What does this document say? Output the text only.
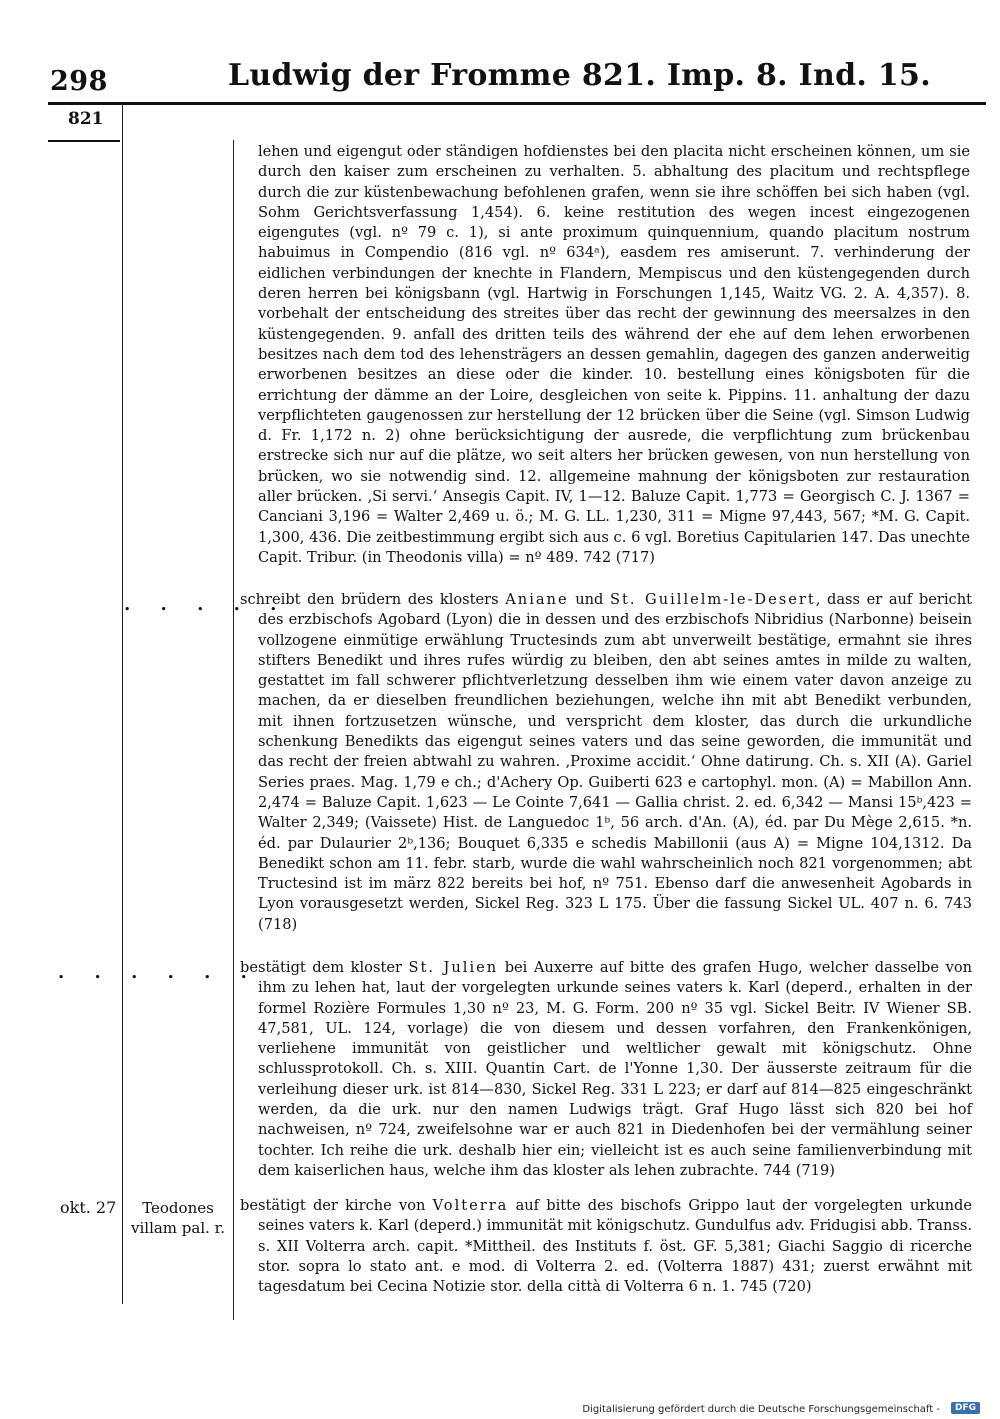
298	Ludwig der Fromme 821. Imp. 8. Ind. 15.
821
lehen und eigengut oder ständigen hofdienstes bei den placita nicht erscheinen können, um sie durch den kaiser zum erscheinen zu verhalten. 5. abhaltung des placitum und rechtspflege durch die zur küstenbewachung befohlenen grafen, wenn sie ihre schöffen bei sich haben (vgl. Sohm Gerichtsverfassung 1,454). 6. keine restitution des wegen incest eingezogenen eigengutes (vgl. nº 79 c. 1), si ante proximum quinquennium, quando placitum nostrum habuimus in Compendio (816 vgl. nº 634ᵃ), easdem res amiserunt. 7. verhinderung der eidlichen verbindungen der knechte in Flandern, Mempiscus und den küstengegenden durch deren herren bei königsbann (vgl. Hartwig in Forschungen 1,145, Waitz VG. 2. A. 4,357). 8. vorbehalt der entscheidung des streites über das recht der gewinnung des meersalzes in den küstengegenden. 9. anfall des dritten teils des während der ehe auf dem lehen erworbenen besitzes nach dem tod des lehensträgers an dessen gemahlin, dagegen des ganzen anderweitig erworbenen besitzes an diese oder die kinder. 10. bestellung eines königsboten für die errichtung der dämme an der Loire, desgleichen von seite k. Pippins. 11. anhaltung der dazu verpflichteten gaugenossen zur herstellung der 12 brücken über die Seine (vgl. Simson Ludwig d. Fr. 1,172 n. 2) ohne berücksichtigung der ausrede, die verpflichtung zum brückenbau erstrecke sich nur auf die plätze, wo seit alters her brücken gewesen, von nun herstellung von brücken, wo sie notwendig sind. 12. allgemeine mahnung der königsboten zur restauration aller brücken. ‚Si servi.‘ Ansegis Capit. IV, 1—12. Baluze Capit. 1,773 = Georgisch C. J. 1367 = Canciani 3,196 = Walter 2,469 u. ö.; M. G. LL. 1,230, 311 = Migne 97,443, 567; *M. G. Capit. 1,300, 436. Die zeitbestimmung ergibt sich aus c. 6 vgl. Boretius Capitularien 147. Das unechte Capit. Tribur. (in Theodonis villa) = nº 489. 742 (717)
. . . . .
schreibt den brüdern des klosters Aniane und St. Guillelm-le-Desert, dass er auf bericht des erzbischofs Agobard (Lyon) die in dessen und des erzbischofs Nibridius (Narbonne) beisein vollzogene einmütige erwählung Tructesinds zum abt unverweilt bestätige, ermahnt sie ihres stifters Benedikt und ihres rufes würdig zu bleiben, den abt seines amtes in milde zu walten, gestattet im fall schwerer pflichtverletzung desselben ihm wie einem vater davon anzeige zu machen, da er dieselben freundlichen beziehungen, welche ihn mit abt Benedikt verbunden, mit ihnen fortzusetzen wünsche, und verspricht dem kloster, das durch die urkundliche schenkung Benedikts das eigengut seines vaters und das seine geworden, die immunität und das recht der freien abtwahl zu wahren. ‚Proxime accidit.‘ Ohne datirung. Ch. s. XII (A). Gariel Series praes. Mag. 1,79 e ch.; d'Achery Op. Guiberti 623 e cartophyl. mon. (A) = Mabillon Ann. 2,474 = Baluze Capit. 1,623 — Le Cointe 7,641 — Gallia christ. 2. ed. 6,342 — Mansi 15ᵇ,423 = Walter 2,349; (Vaissete) Hist. de Languedoc 1ᵇ, 56 arch. d'An. (A), éd. par Du Mège 2,615. *n. éd. par Dulaurier 2ᵇ,136; Bouquet 6,335 e schedis Mabillonii (aus A) = Migne 104,1312. Da Benedikt schon am 11. febr. starb, wurde die wahl wahrscheinlich noch 821 vorgenommen; abt Tructesind ist im märz 822 bereits bei hof, nº 751. Ebenso darf die anwesenheit Agobards in Lyon vorausgesetzt werden, Sickel Reg. 323 L 175. Über die fassung Sickel UL. 407 n. 6. 743 (718)
. . . . . .
bestätigt dem kloster St. Julien bei Auxerre auf bitte des grafen Hugo, welcher dasselbe von ihm zu lehen hat, laut der vorgelegten urkunde seines vaters k. Karl (deperd., erhalten in der formel Rozière Formules 1,30 nº 23, M. G. Form. 200 nº 35 vgl. Sickel Beitr. IV Wiener SB. 47,581, UL. 124, vorlage) die von diesem und dessen vorfahren, den Frankenkönigen, verliehene immunität von geistlicher und weltlicher gewalt mit königschutz. Ohne schlussprotokoll. Ch. s. XIII. Quantin Cart. de l'Yonne 1,30. Der äusserste zeitraum für die verleihung dieser urk. ist 814—830, Sickel Reg. 331 L 223; er darf auf 814—825 eingeschränkt werden, da die urk. nur den namen Ludwigs trägt. Graf Hugo lässt sich 820 bei hof nachweisen, nº 724, zweifelsohne war er auch 821 in Diedenhofen bei der vermählung seiner tochter. Ich reihe die urk. deshalb hier ein; vielleicht ist es auch seine familienverbindung mit dem kaiserlichen haus, welche ihm das kloster als lehen zubrachte. 744 (719)
okt. 27	Teodones villam pal. r.
bestätigt der kirche von Volterra auf bitte des bischofs Grippo laut der vorgelegten urkunde seines vaters k. Karl (deperd.) immunität mit königschutz. Gundulfus adv. Fridugisi abb. Transs. s. XII Volterra arch. capit. *Mittheil. des Instituts f. öst. GF. 5,381; Giachi Saggio di ricerche stor. sopra lo stato ant. e mod. di Volterra 2. ed. (Volterra 1887) 431; zuerst erwähnt mit tagesdatum bei Cecina Notizie stor. della città di Volterra 6 n. 1. 745 (720)
Digitalisierung gefördert durch die Deutsche Forschungsgemeinschaft -	DFG
